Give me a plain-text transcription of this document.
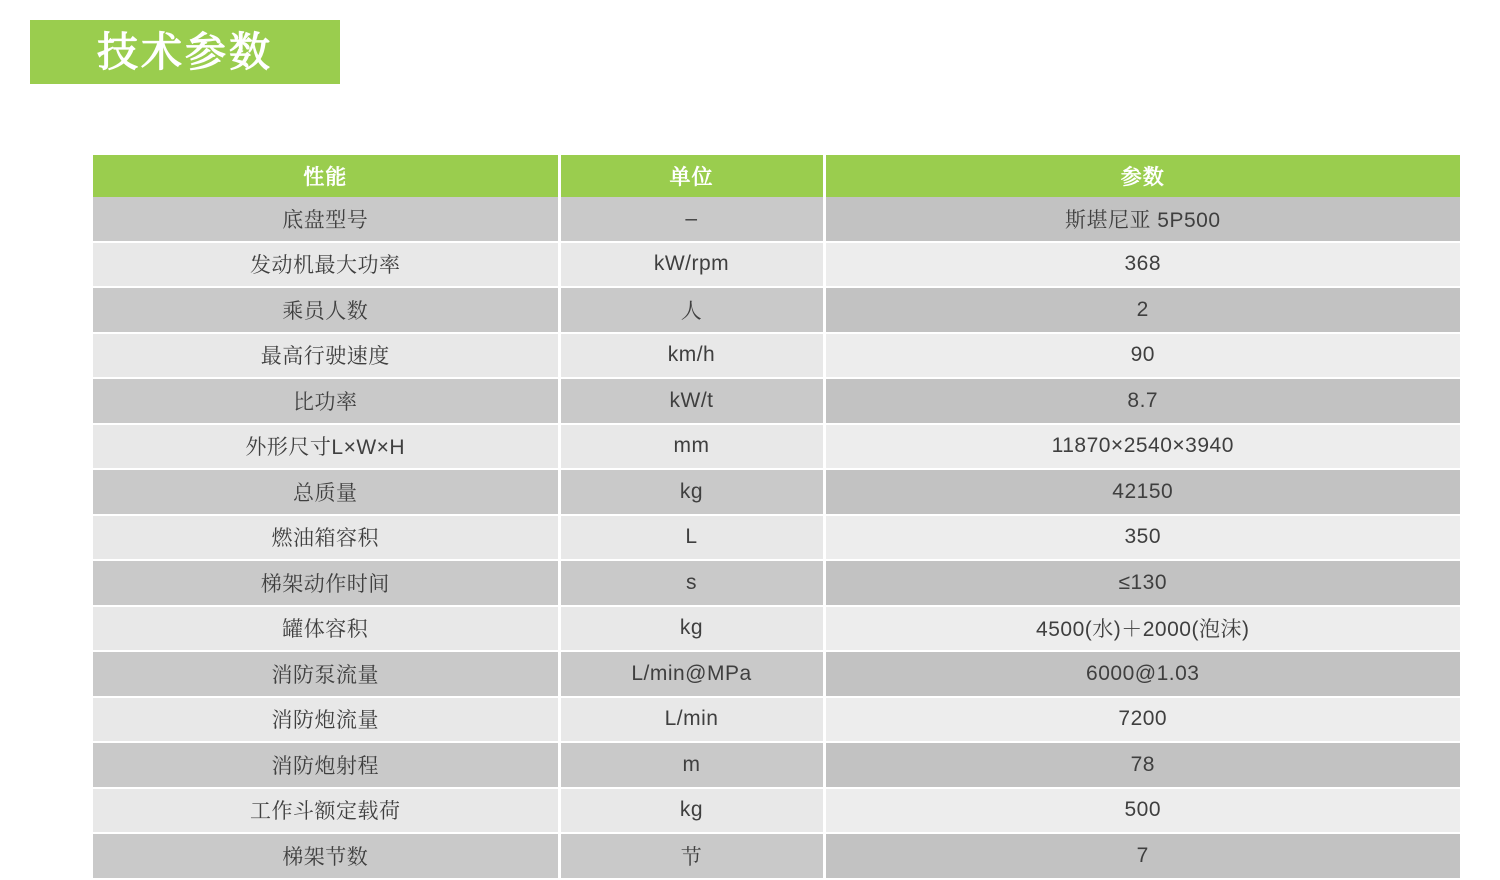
技术参数
性能	单位	参数
底盘型号	–	斯堪尼亚 5P500
发动机最大功率	kW/rpm	368
乘员人数	人	2
最高行驶速度	km/h	90
比功率	kW/t	8.7
外形尺寸L×W×H	mm	11870×2540×3940
总质量	kg	42150
燃油箱容积	L	350
梯架动作时间	s	≤130
罐体容积	kg	4500(水)＋2000(泡沫)
消防泵流量	L/min@MPa	6000@1.03
消防炮流量	L/min	7200
消防炮射程	m	78
工作斗额定载荷	kg	500
梯架节数	节	7
